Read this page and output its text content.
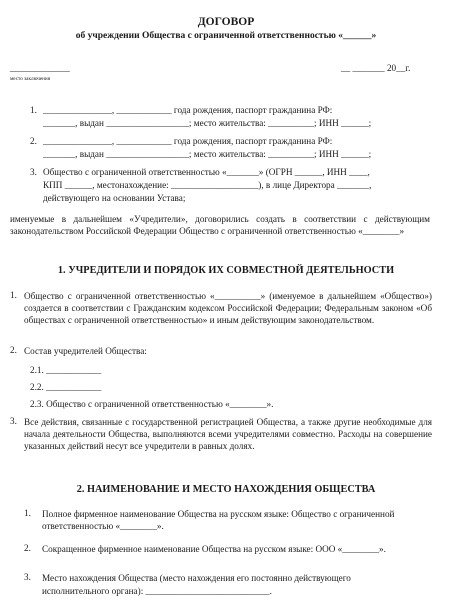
ДОГОВОР
об учреждении Общества с ограниченной ответственностью «______»
_____________
место заключения
__ _______ 20__г.
1. _______________, ____________ года рождения, паспорт гражданина РФ:
_______, выдан __________________; место жительства: __________; ИНН ______;
2. _______________, ____________ года рождения, паспорт гражданина РФ:
_______, выдан __________________; место жительства: __________; ИНН ______;
3. Общество с ограниченной ответственностью «_______» (ОГРН ______, ИНН ____,
КПП ______, местонахождение: ___________________), в лице Директора _______,
действующего на основании Устава;
именуемые в дальнейшем «Учредители», договорились создать в соответствии с действующим законодательством Российской Федерации Общество с ограниченной ответственностью «________»
1. УЧРЕДИТЕЛИ И ПОРЯДОК ИХ СОВМЕСТНОЙ ДЕЯТЕЛЬНОСТИ
1. Общество с ограниченной ответственностью «__________» (именуемое в дальнейшем «Общество») создается в соответствии с Гражданским кодексом Российской Федерации; Федеральным законом «Об обществах с ограниченной ответственностью» и иным действующим законодательством.
2. Состав учредителей Общества:
2.1. ____________
2.2. ____________
2.3. Общество с ограниченной ответственностью «________».
3. Все действия, связанные с государственной регистрацией Общества, а также другие необходимые для начала деятельности Общества, выполняются всеми учредителями совместно. Расходы на совершение указанных действий несут все учредители в равных долях.
2. НАИМЕНОВАНИЕ И МЕСТО НАХОЖДЕНИЯ ОБЩЕСТВА
1. Полное фирменное наименование Общества на русском языке: Общество с ограниченной ответственностью «________».
2. Сокращенное фирменное наименование Общества на русском языке: ООО «________».
3. Место нахождения Общества (место нахождения его постоянно действующего
исполнительного органа): ___________________________.
